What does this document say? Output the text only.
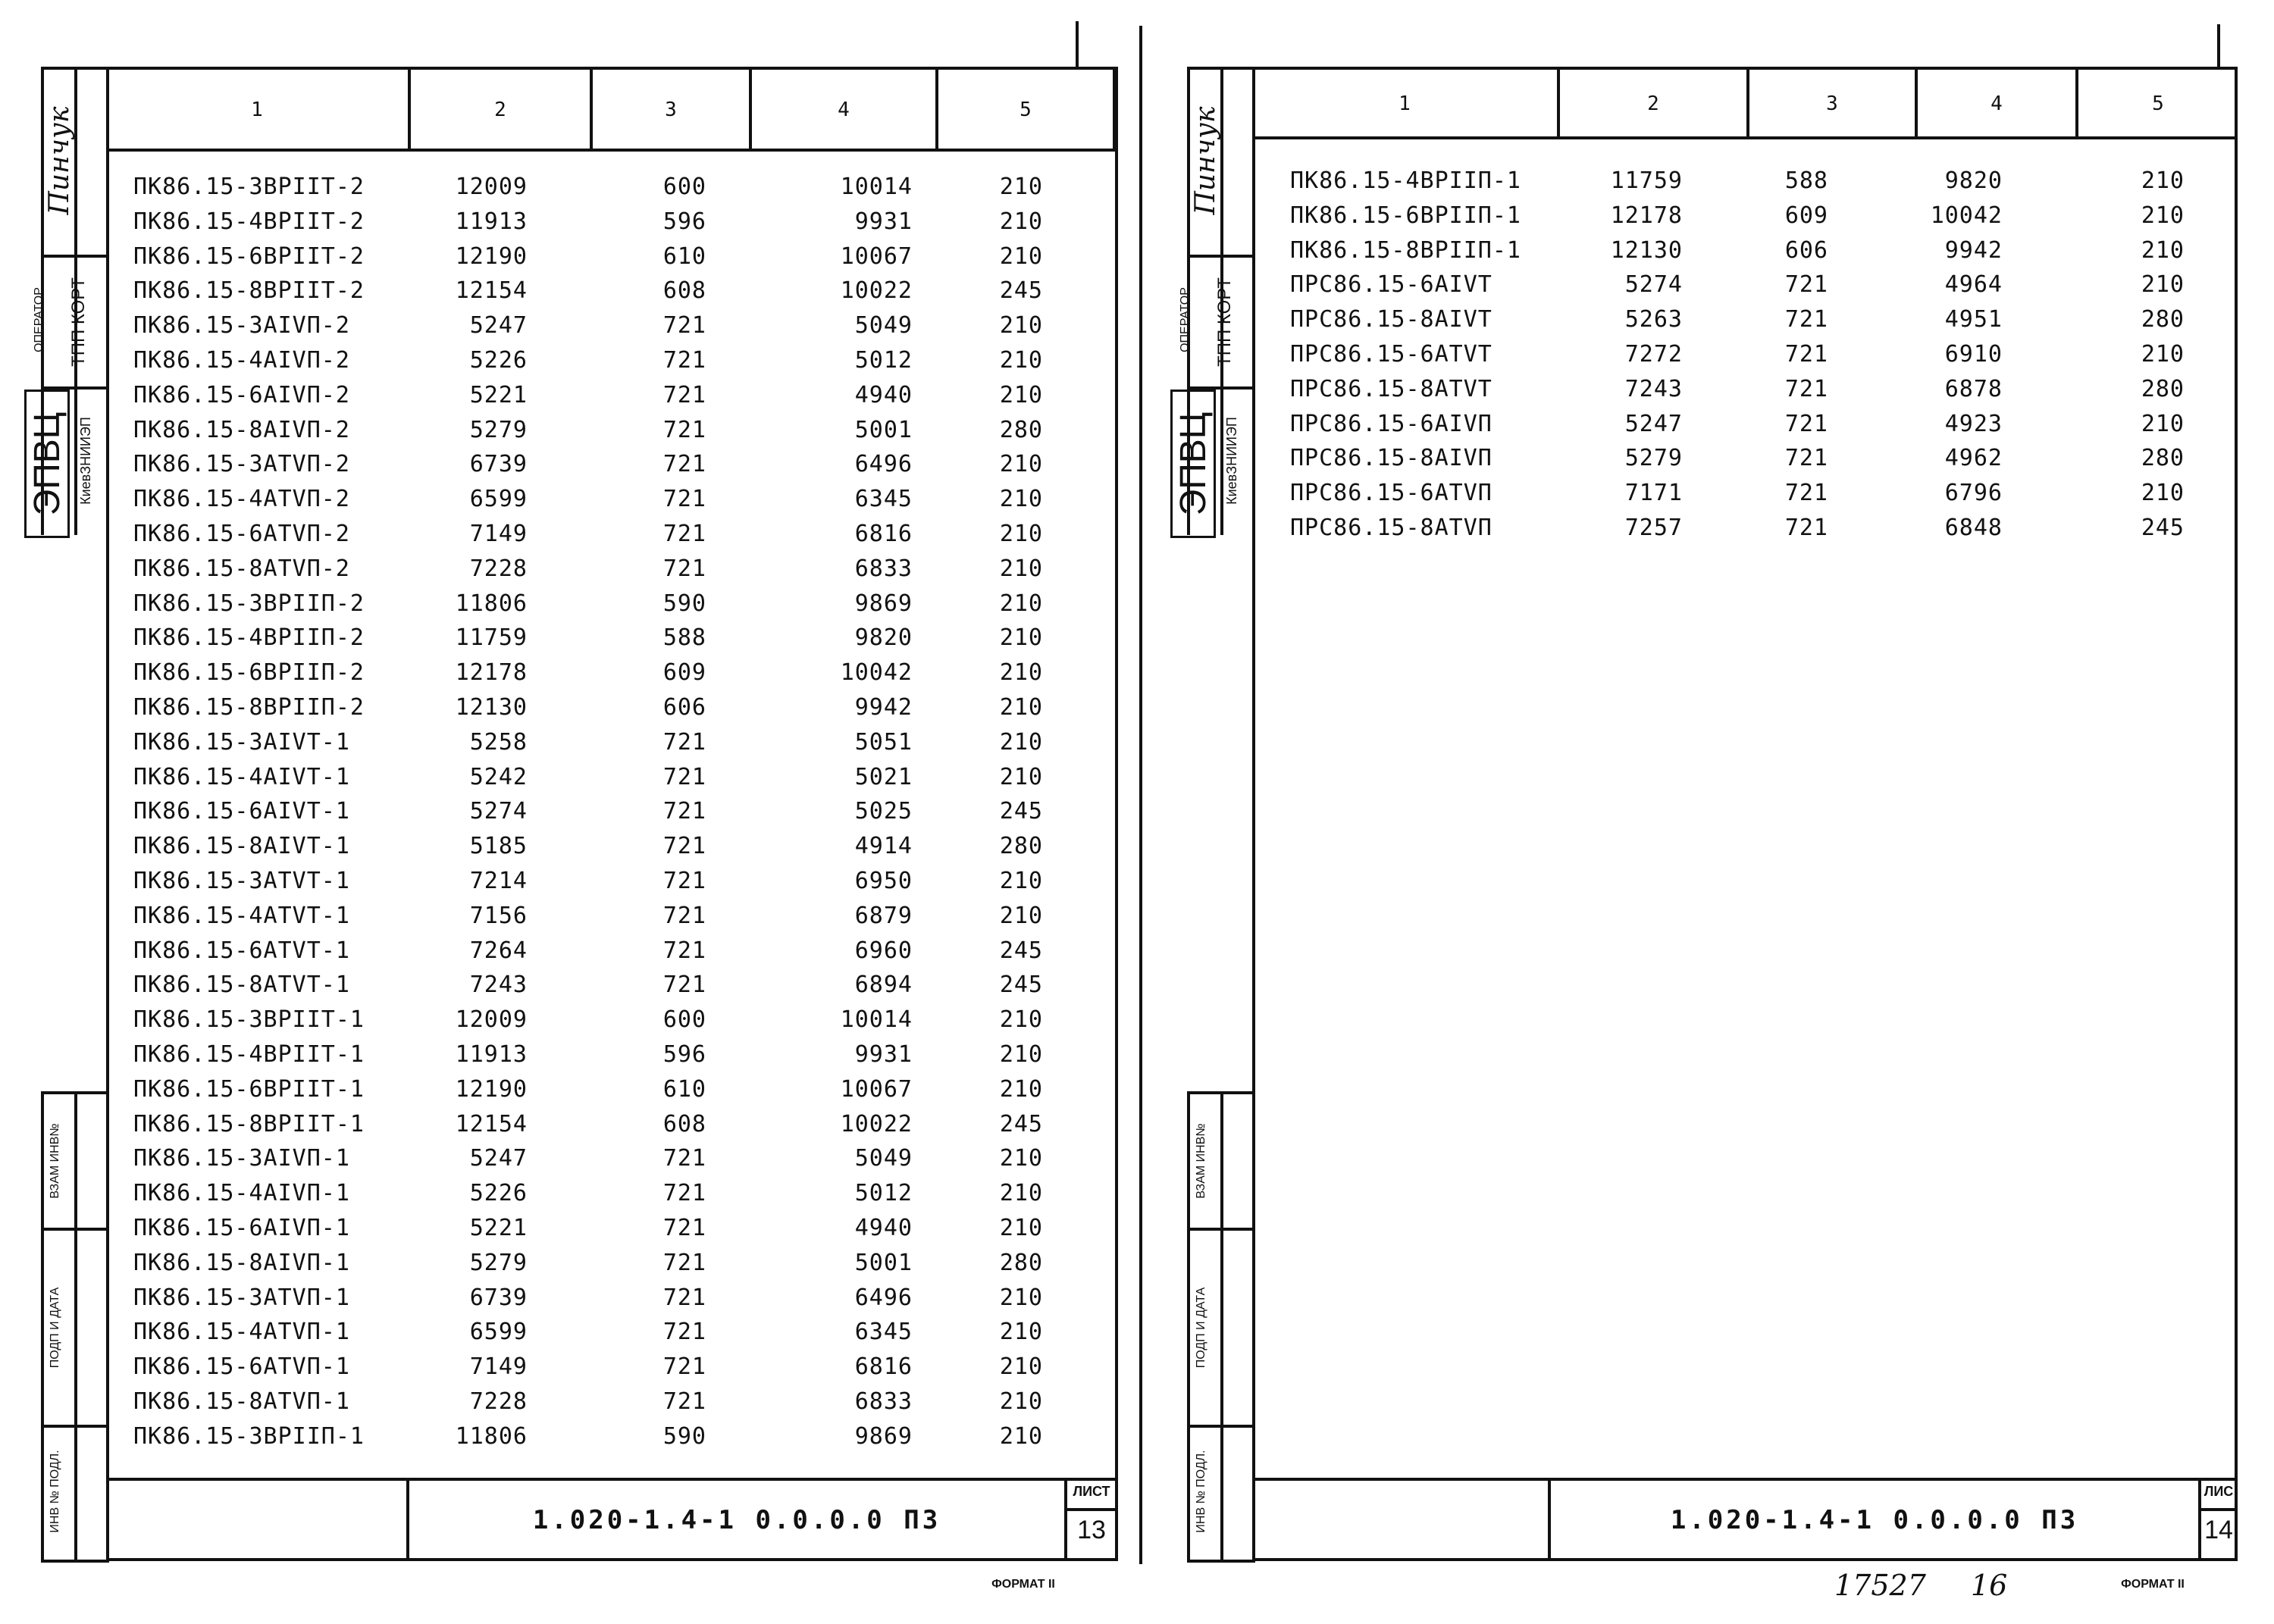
Пинчук
ОПЕРАТОР ТПП КОРТ
ЭПВЦ КиевЗНИИЭП
ВЗАМ ИНВ№
ПОДП И ДАТА
ИНВ № ПОДЛ.
1	2	3	4	5
ПК86.15-3ВРIIТ-2	12009	600	10014	210
ПК86.15-4ВРIIТ-2	11913	596	9931	210
ПК86.15-6ВРIIТ-2	12190	610	10067	210
ПК86.15-8ВРIIТ-2	12154	608	10022	245
ПК86.15-3АIVП-2	5247	721	5049	210
ПК86.15-4АIVП-2	5226	721	5012	210
ПК86.15-6АIVП-2	5221	721	4940	210
ПК86.15-8АIVП-2	5279	721	5001	280
ПК86.15-3АТVП-2	6739	721	6496	210
ПК86.15-4АТVП-2	6599	721	6345	210
ПК86.15-6АТVП-2	7149	721	6816	210
ПК86.15-8АТVП-2	7228	721	6833	210
ПК86.15-3ВРIIП-2	11806	590	9869	210
ПК86.15-4ВРIIП-2	11759	588	9820	210
ПК86.15-6ВРIIП-2	12178	609	10042	210
ПК86.15-8ВРIIП-2	12130	606	9942	210
ПК86.15-3АIVТ-1	5258	721	5051	210
ПК86.15-4АIVТ-1	5242	721	5021	210
ПК86.15-6АIVТ-1	5274	721	5025	245
ПК86.15-8АIVТ-1	5185	721	4914	280
ПК86.15-3АТVТ-1	7214	721	6950	210
ПК86.15-4АТVТ-1	7156	721	6879	210
ПК86.15-6АТVТ-1	7264	721	6960	245
ПК86.15-8АТVТ-1	7243	721	6894	245
ПК86.15-3ВРIIТ-1	12009	600	10014	210
ПК86.15-4ВРIIТ-1	11913	596	9931	210
ПК86.15-6ВРIIТ-1	12190	610	10067	210
ПК86.15-8ВРIIТ-1	12154	608	10022	245
ПК86.15-3АIVП-1	5247	721	5049	210
ПК86.15-4АIVП-1	5226	721	5012	210
ПК86.15-6АIVП-1	5221	721	4940	210
ПК86.15-8АIVП-1	5279	721	5001	280
ПК86.15-3АТVП-1	6739	721	6496	210
ПК86.15-4АТVП-1	6599	721	6345	210
ПК86.15-6АТVП-1	7149	721	6816	210
ПК86.15-8АТVП-1	7228	721	6833	210
ПК86.15-3ВРIIП-1	11806	590	9869	210
1.020-1.4-1 0.0.0.0 ПЗ
ЛИСТ
13
ФОРМАТ II
Пинчук
ОПЕРАТОР ТПП КОРТ
ЭПВЦ КиевЗНИИЭП
ВЗАМ ИНВ№
ПОДП И ДАТА
ИНВ № ПОДЛ.
1	2	3	4	5
ПК86.15-4ВРIIП-1	11759	588	9820	210
ПК86.15-6ВРIIП-1	12178	609	10042	210
ПК86.15-8ВРIIП-1	12130	606	9942	210
ПРС86.15-6АIVТ	5274	721	4964	210
ПРС86.15-8АIVТ	5263	721	4951	280
ПРС86.15-6АТVТ	7272	721	6910	210
ПРС86.15-8АТVТ	7243	721	6878	280
ПРС86.15-6АIVП	5247	721	4923	210
ПРС86.15-8АIVП	5279	721	4962	280
ПРС86.15-6АТVП	7171	721	6796	210
ПРС86.15-8АТVП	7257	721	6848	245
1.020-1.4-1 0.0.0.0 ПЗ
ЛИС
14
ФОРМАТ II
17527	16
